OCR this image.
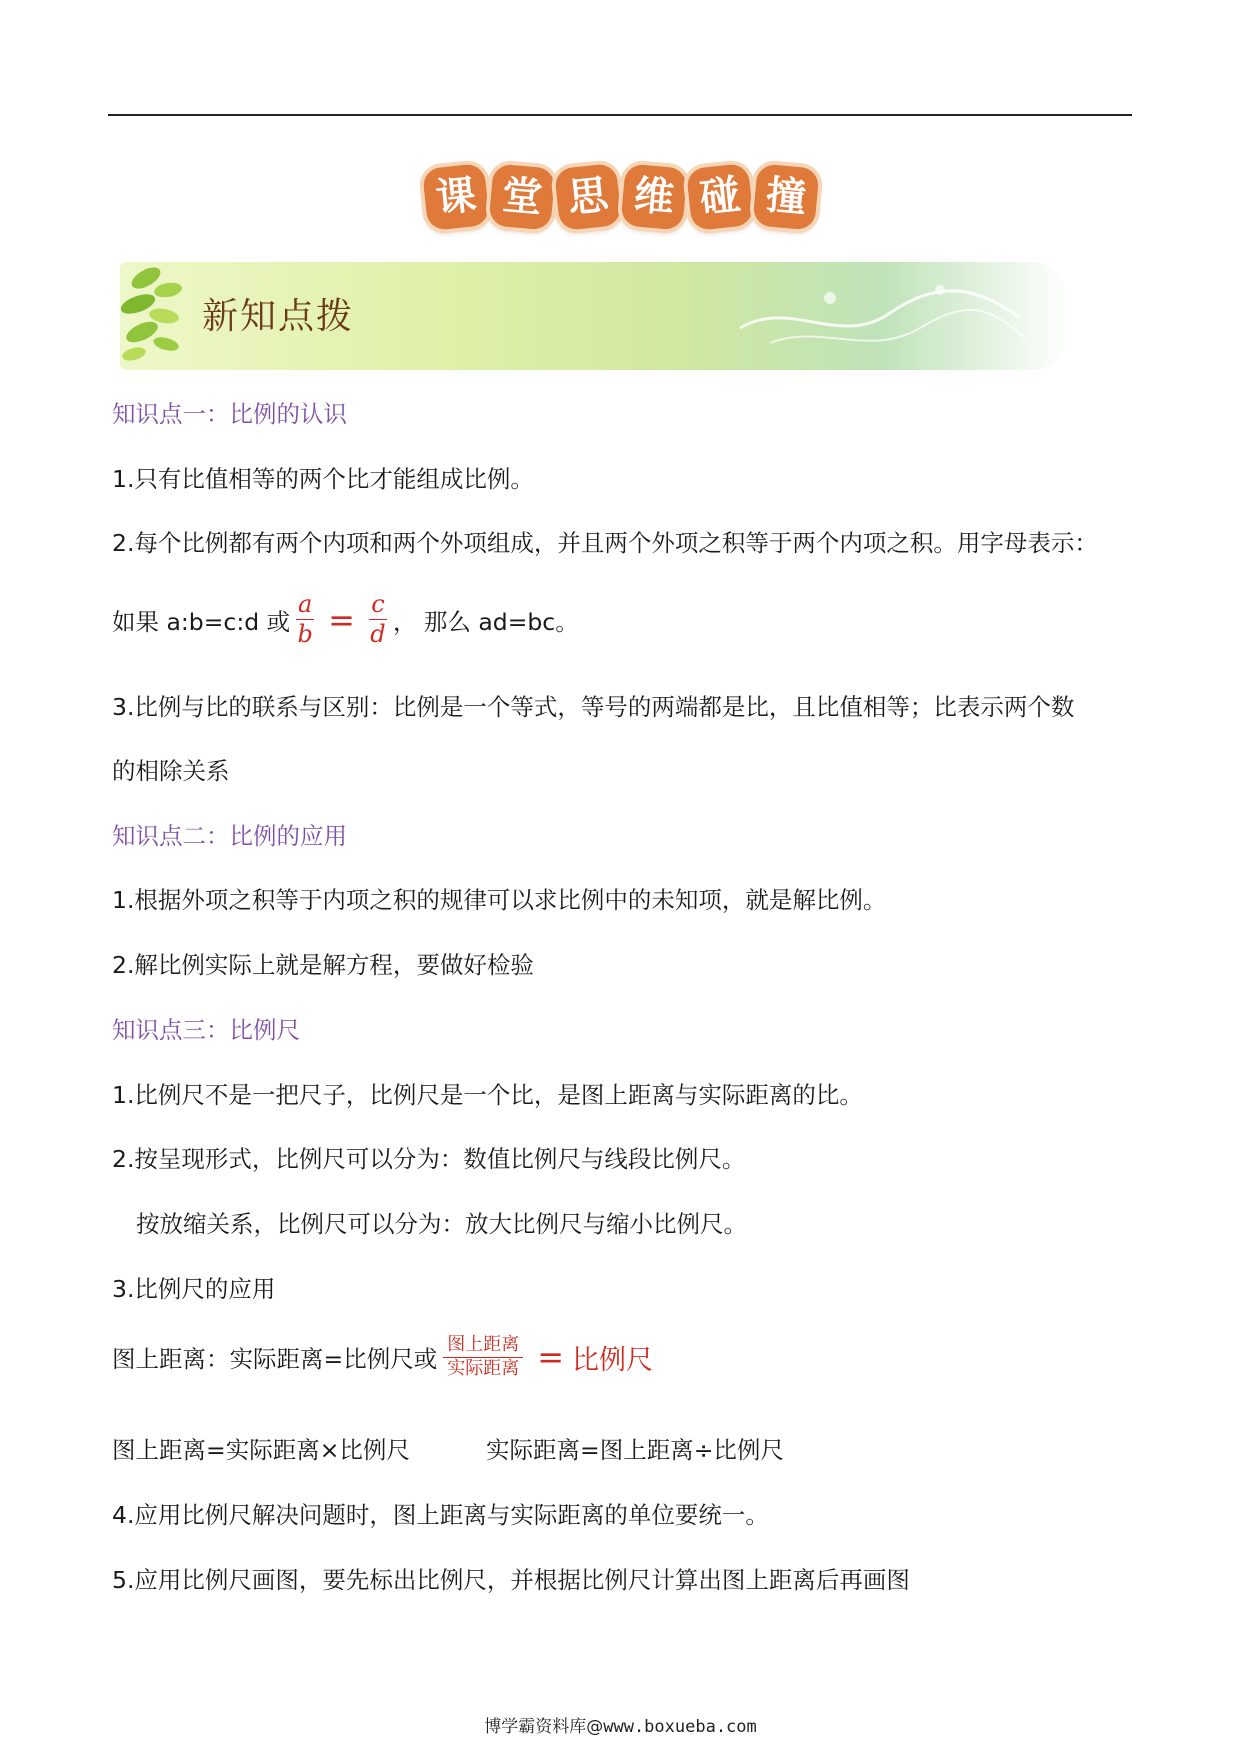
课 堂 思 维 碰 撞
新知点拨
知识点一：比例的认识
1.只有比值相等的两个比才能组成比例。
2.每个比例都有两个内项和两个外项组成，并且两个外项之积等于两个内项之积。用字母表示：
如果 a:b=c:d 或 $\frac{a}{b} = \frac{c}{d}$ ， 那么 ad=bc。
3.比例与比的联系与区别：比例是一个等式，等号的两端都是比，且比值相等；比表示两个数
的相除关系
知识点二：比例的应用
1.根据外项之积等于内项之积的规律可以求比例中的未知项，就是解比例。
2.解比例实际上就是解方程，要做好检验
知识点三：比例尺
1.比例尺不是一把尺子，比例尺是一个比，是图上距离与实际距离的比。
2.按呈现形式，比例尺可以分为：数值比例尺与线段比例尺。
按放缩关系，比例尺可以分为：放大比例尺与缩小比例尺。
3.比例尺的应用
图上距离：实际距离=比例尺或 $\frac{\text{图上距离}}{\text{实际距离}}$ = 比例尺
图上距离=实际距离×比例尺	实际距离=图上距离÷比例尺
4.应用比例尺解决问题时，图上距离与实际距离的单位要统一。
5.应用比例尺画图，要先标出比例尺，并根据比例尺计算出图上距离后再画图
博学霸资料库@www.boxueba.com
